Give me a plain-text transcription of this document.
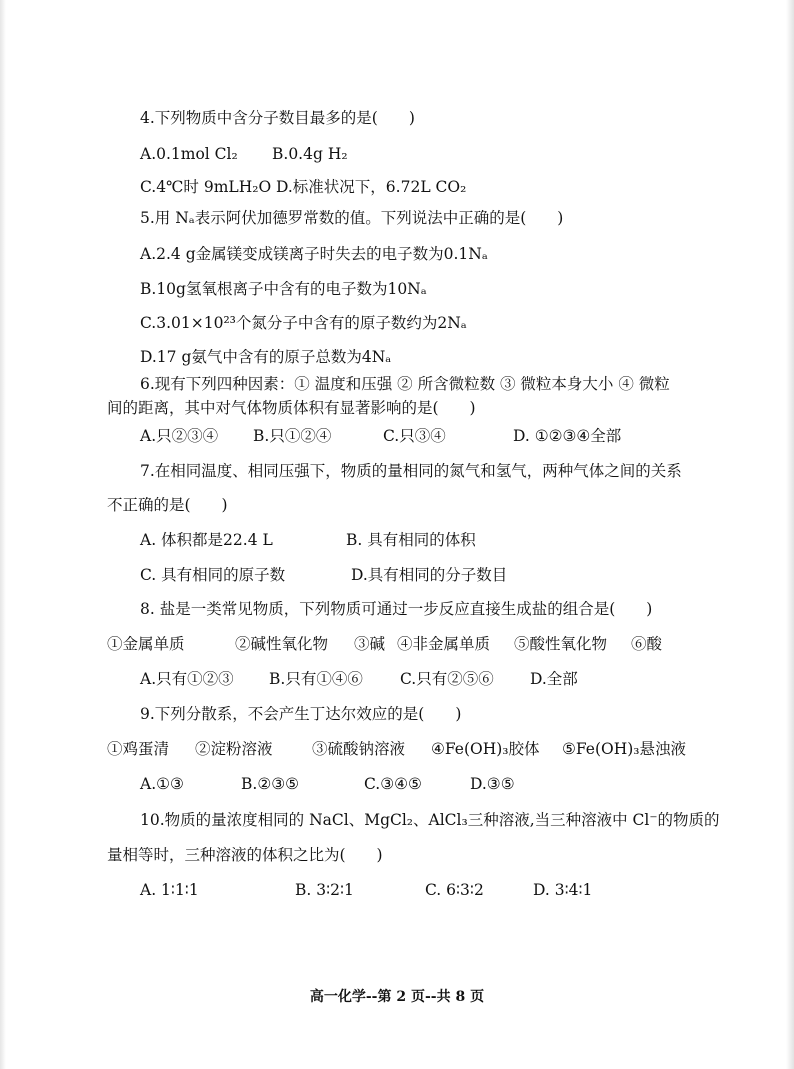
4.下列物质中含分子数目最多的是(　　)
A.0.1mol Cl₂ B.0.4g H₂
C.4℃时 9mLH₂O D.标准状况下，6.72L CO₂
5.用 Nₐ表示阿伏加德罗常数的值。下列说法中正确的是(　　)
A.2.4 g金属镁变成镁离子时失去的电子数为0.1Nₐ
B.10g氢氧根离子中含有的电子数为10Nₐ
C.3.01×10²³个氮分子中含有的原子数约为2Nₐ
D.17 g氨气中含有的原子总数为4Nₐ
6.现有下列四种因素：① 温度和压强 ② 所含微粒数 ③ 微粒本身大小 ④ 微粒
间的距离，其中对气体物质体积有显著影响的是(　　)
A.只②③④ B.只①②④	C.只③④	D. ①②③④全部
7.在相同温度、相同压强下，物质的量相同的氮气和氢气，两种气体之间的关系
不正确的是(　　)
A. 体积都是22.4 L	B. 具有相同的体积
C. 具有相同的原子数	D.具有相同的分子数目
8. 盐是一类常见物质，下列物质可通过一步反应直接生成盐的组合是(　　)
①金属单质	②碱性氧化物 ③碱 ④非金属单质 ⑤酸性氧化物 ⑥酸
A.只有①②③ B.只有①④⑥ C.只有②⑤⑥ D.全部
9.下列分散系，不会产生丁达尔效应的是(　　)
①鸡蛋清 ②淀粉溶液	③硫酸钠溶液 ④Fe(OH)₃胶体 ⑤Fe(OH)₃悬浊液
A.①③	B.②③⑤	C.③④⑤	D.③⑤
10.物质的量浓度相同的 NaCl、MgCl₂、AlCl₃三种溶液,当三种溶液中 Cl⁻的物质的
量相等时，三种溶液的体积之比为(　　)
A. 1∶1∶1	B. 3∶2∶1	C. 6∶3∶2	D. 3∶4∶1
高一化学--第 2 页--共 8 页
